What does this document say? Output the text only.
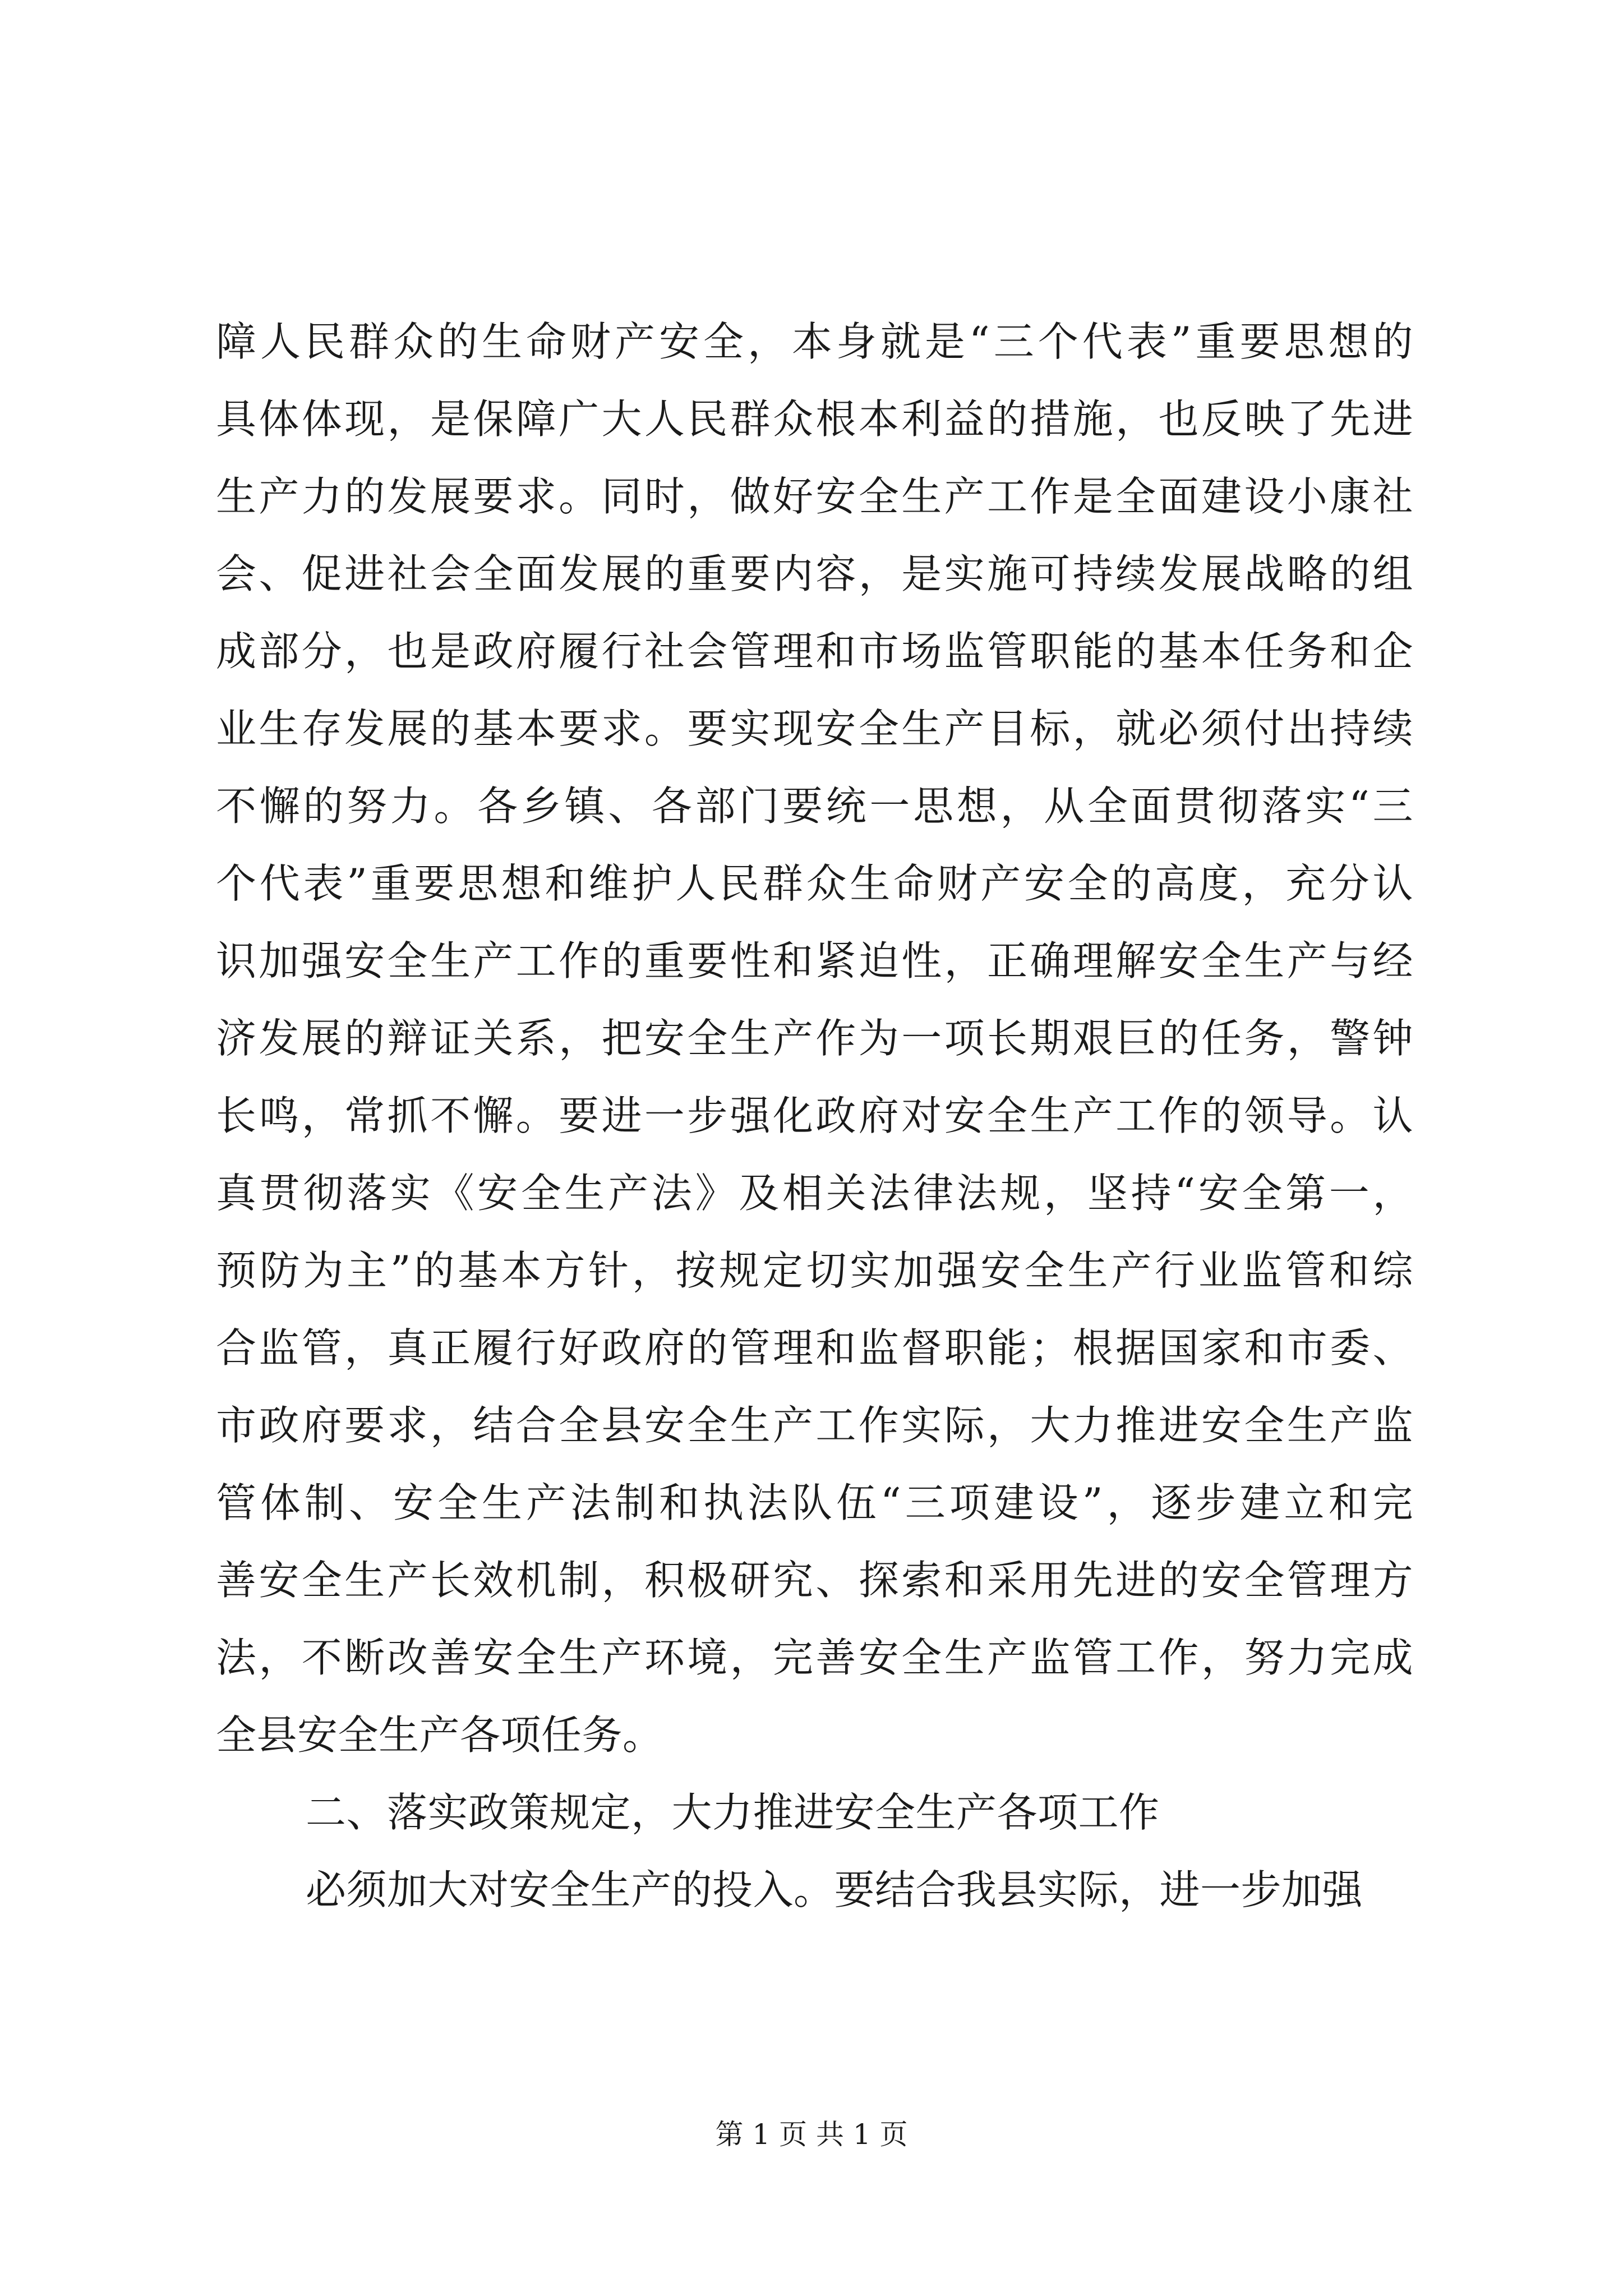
障人民群众的生命财产安全，本身就是“三个代表”重要思想的
具体体现，是保障广大人民群众根本利益的措施，也反映了先进
生产力的发展要求。同时，做好安全生产工作是全面建设小康社
会、促进社会全面发展的重要内容，是实施可持续发展战略的组
成部分，也是政府履行社会管理和市场监管职能的基本任务和企
业生存发展的基本要求。要实现安全生产目标，就必须付出持续
不懈的努力。各乡镇、各部门要统一思想，从全面贯彻落实“三
个代表”重要思想和维护人民群众生命财产安全的高度，充分认
识加强安全生产工作的重要性和紧迫性，正确理解安全生产与经
济发展的辩证关系，把安全生产作为一项长期艰巨的任务，警钟
长鸣，常抓不懈。要进一步强化政府对安全生产工作的领导。认
真贯彻落实《安全生产法》及相关法律法规，坚持“安全第一，
预防为主”的基本方针，按规定切实加强安全生产行业监管和综
合监管，真正履行好政府的管理和监督职能；根据国家和市委、
市政府要求，结合全县安全生产工作实际，大力推进安全生产监
管体制、安全生产法制和执法队伍“三项建设”，逐步建立和完
善安全生产长效机制，积极研究、探索和采用先进的安全管理方
法，不断改善安全生产环境，完善安全生产监管工作，努力完成
全县安全生产各项任务。
二、落实政策规定，大力推进安全生产各项工作
必须加大对安全生产的投入。要结合我县实际，进一步加强
第 1 页 共 1 页
